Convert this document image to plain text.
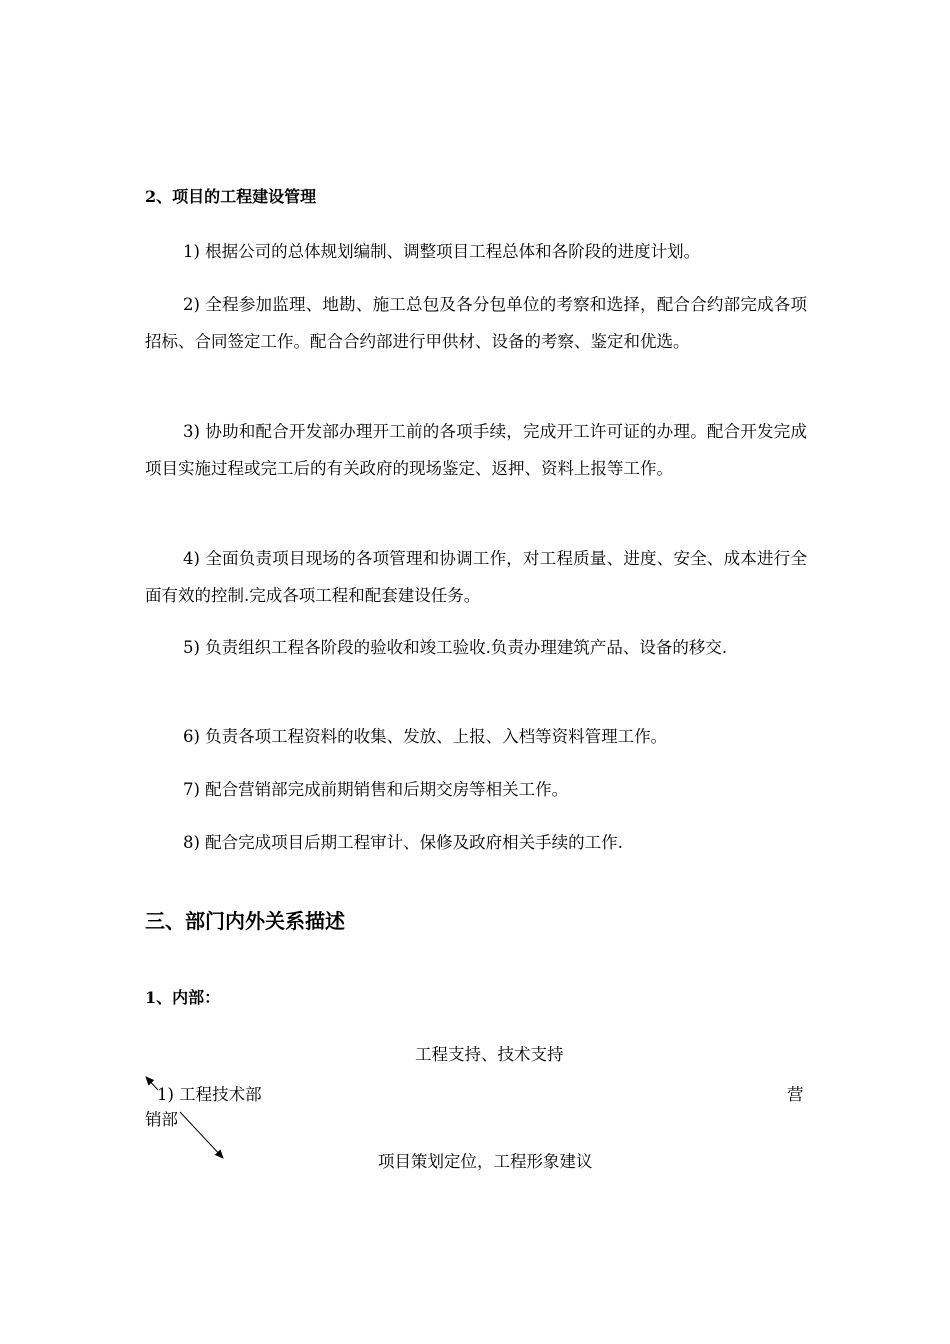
2、项目的工程建设管理
1) 根据公司的总体规划编制、调整项目工程总体和各阶段的进度计划。
2) 全程参加监理、地勘、施工总包及各分包单位的考察和选择，配合合约部完成各项招标、合同签定工作。配合合约部进行甲供材、设备的考察、鉴定和优选。
3) 协助和配合开发部办理开工前的各项手续，完成开工许可证的办理。配合开发完成项目实施过程或完工后的有关政府的现场鉴定、返押、资料上报等工作。
4) 全面负责项目现场的各项管理和协调工作，对工程质量、进度、安全、成本进行全面有效的控制.完成各项工程和配套建设任务。
5) 负责组织工程各阶段的验收和竣工验收.负责办理建筑产品、设备的移交.
6) 负责各项工程资料的收集、发放、上报、入档等资料管理工作。
7) 配合营销部完成前期销售和后期交房等相关工作。
8) 配合完成项目后期工程审计、保修及政府相关手续的工作.
三、部门内外关系描述
1、内部：
工程支持、技术支持
1) 工程技术部	营
销部
项目策划定位，工程形象建议
